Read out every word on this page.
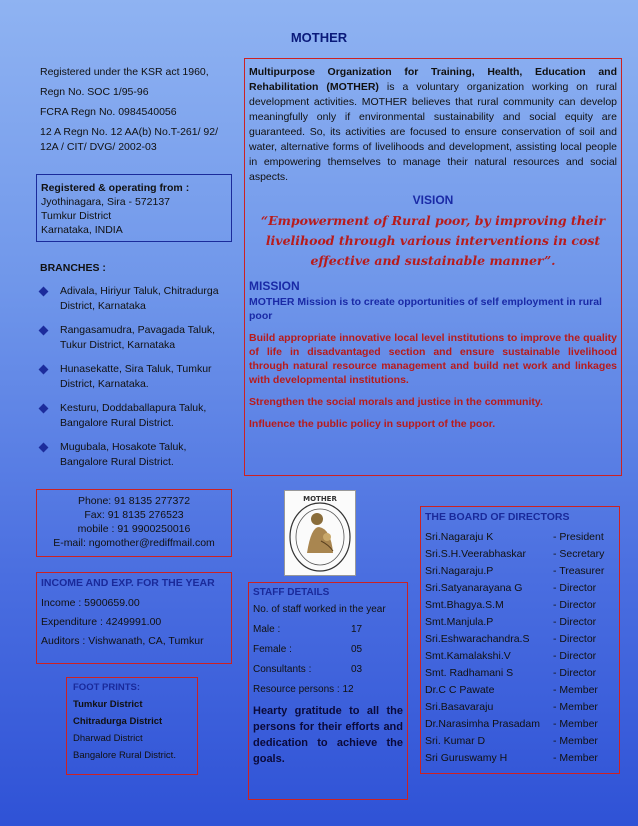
MOTHER
Registered under the KSR act 1960,
Regn No. SOC 1/95-96
FCRA Regn No. 0984540056
12 A Regn No. 12 AA(b) No.T-261/ 92/ 12A / CIT/ DVG/ 2002-03
Registered & operating from :
Jyothinagara, Sira - 572137
Tumkur District
Karnataka, INDIA
BRANCHES :
Adivala, Hiriyur Taluk, Chitradurga District, Karnataka
Rangasamudra, Pavagada Taluk, Tukur District, Karnataka
Hunasekatte, Sira Taluk, Tumkur District, Karnataka.
Kesturu, Doddaballapura Taluk, Bangalore Rural District.
Mugubala, Hosakote Taluk, Bangalore Rural District.
Phone: 91 8135 277372
Fax: 91 8135 276523
mobile : 91 9900250016
E-mail: ngomother@rediffmail.com
INCOME AND EXP. FOR THE YEAR
Income : 5900659.00
Expenditure : 4249991.00
Auditors : Vishwanath, CA, Tumkur
FOOT PRINTS:
Tumkur District
Chitradurga District
Dharwad District
Bangalore Rural District.
Multipurpose Organization for Training, Health, Education and Rehabilitation (MOTHER) is a voluntary organization working on rural development activities. MOTHER believes that rural community can develop meaningfully only if environmental sustainability and social equity are guaranteed. So, its activities are focused to ensure conservation of soil and water, alternative forms of livelihoods and development, assisting local people in empowering themselves to manage their natural resources and social aspects.
VISION
“Empowerment of Rural poor, by improving their livelihood through various interventions in cost effective and sustainable manner”.
MISSION
MOTHER Mission is to create opportunities of self employment in rural poor
Build appropriate innovative local level institutions to improve the quality of life in disadvantaged section and ensure sustainable livelihood through natural resource management and build net work and linkages with developmental institutions.
Strengthen the social morals and justice in the community.
Influence the public policy in support of the poor.
MOTHER
STAFF DETAILS
No. of staff worked in the year
Male :	17
Female :	05
Consultants :	03
Resource persons : 12
Hearty gratitude to all the persons for their efforts and dedication to achieve the goals.
THE BOARD OF DIRECTORS
Sri.Nagaraju K	- President
Sri.S.H.Veerabhaskar	- Secretary
Sri.Nagaraju.P	- Treasurer
Sri.Satyanarayana G	- Director
Smt.Bhagya.S.M	- Director
Smt.Manjula.P	- Director
Sri.Eshwarachandra.S	- Director
Smt.Kamalakshi.V	- Director
Smt. Radhamani S	- Director
Dr.C C Pawate	- Member
Sri.Basavaraju	- Member
Dr.Narasimha Prasadam	- Member
Sri. Kumar D	- Member
Sri Guruswamy H	- Member
